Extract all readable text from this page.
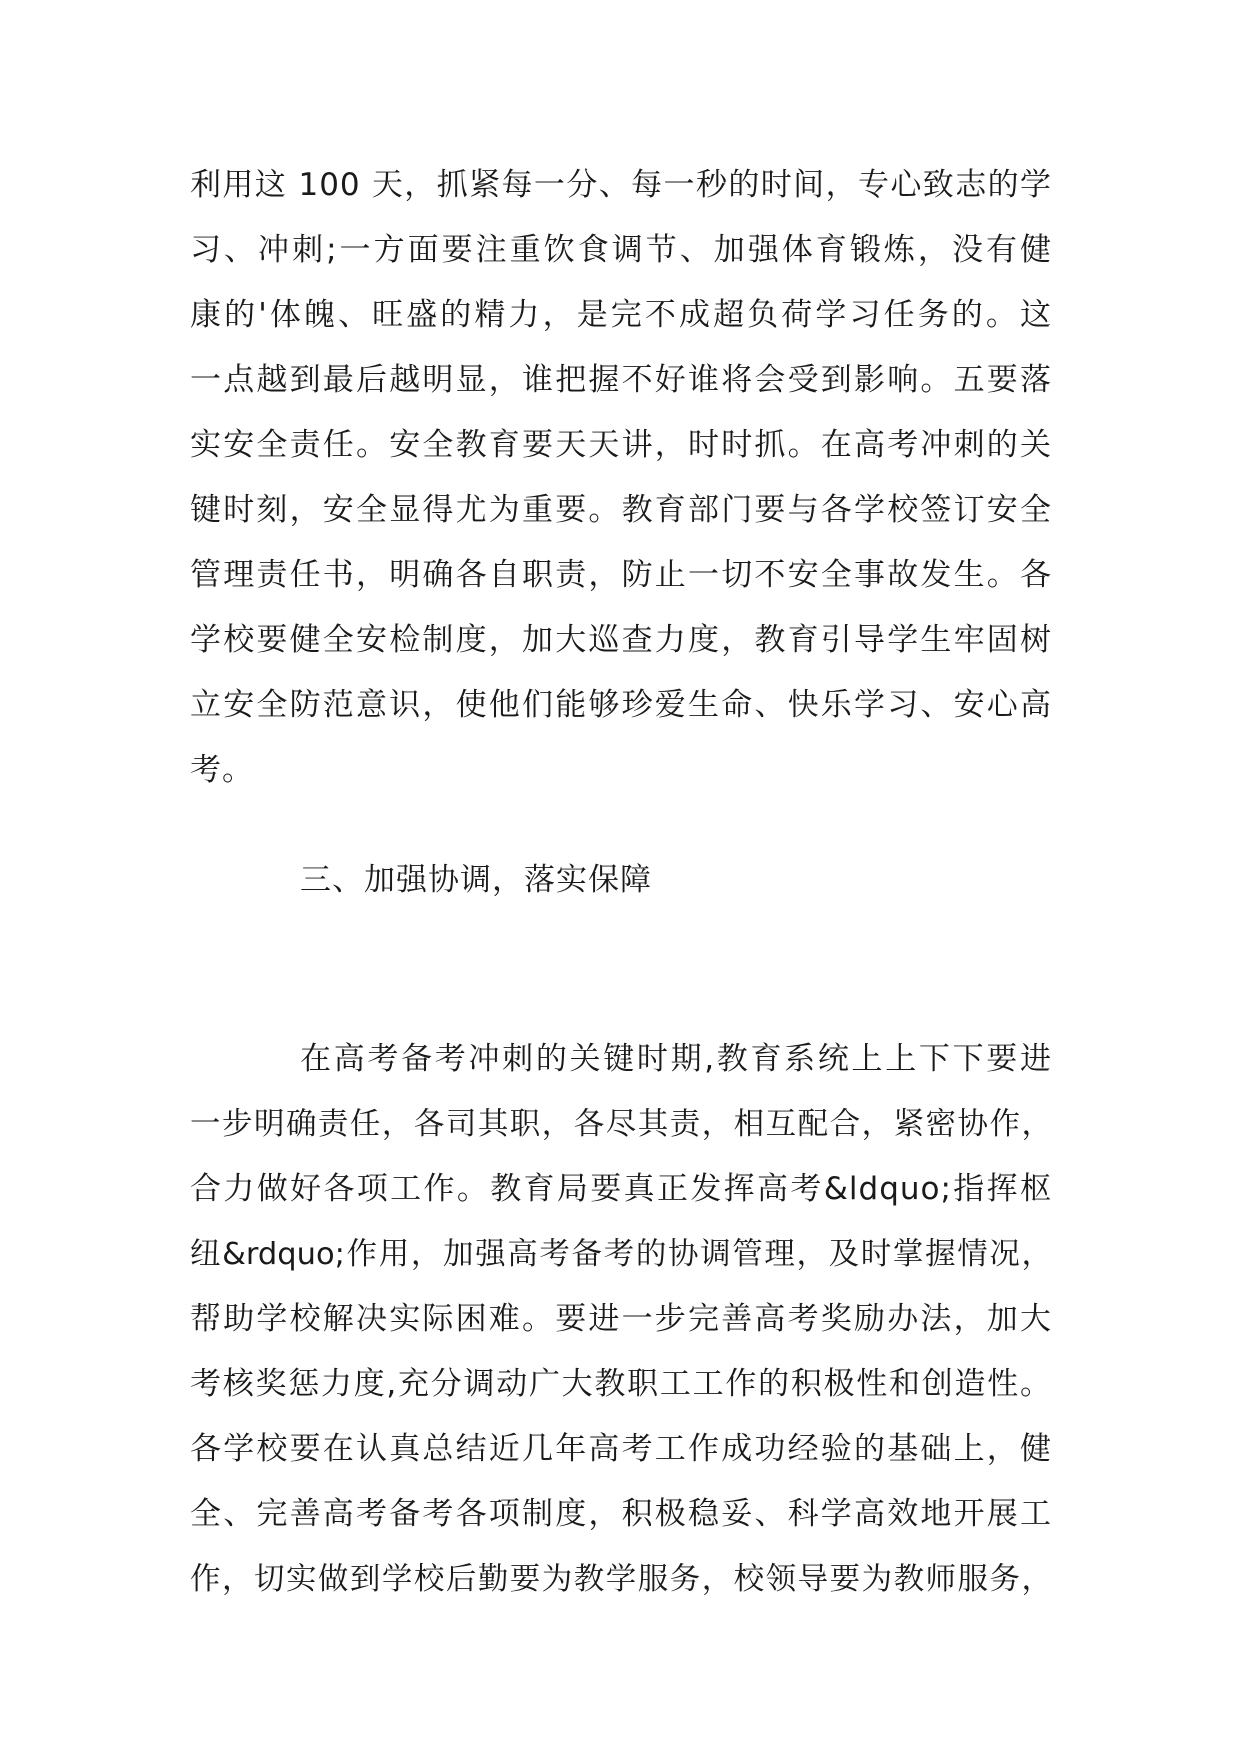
利用这 100 天，抓紧每一分、每一秒的时间，专心致志的学
习、冲刺;一方面要注重饮食调节、加强体育锻炼，没有健
康的'体魄、旺盛的精力，是完不成超负荷学习任务的。这
一点越到最后越明显，谁把握不好谁将会受到影响。五要落
实安全责任。安全教育要天天讲，时时抓。在高考冲刺的关
键时刻，安全显得尤为重要。教育部门要与各学校签订安全
管理责任书，明确各自职责，防止一切不安全事故发生。各
学校要健全安检制度，加大巡查力度，教育引导学生牢固树
立安全防范意识，使他们能够珍爱生命、快乐学习、安心高
考。
三、加强协调，落实保障
在高考备考冲刺的关键时期,教育系统上上下下要进
一步明确责任，各司其职，各尽其责，相互配合，紧密协作，
合力做好各项工作。教育局要真正发挥高考&ldquo;指挥枢
纽&rdquo;作用，加强高考备考的协调管理，及时掌握情况，
帮助学校解决实际困难。要进一步完善高考奖励办法，加大
考核奖惩力度,充分调动广大教职工工作的积极性和创造性。
各学校要在认真总结近几年高考工作成功经验的基础上，健
全、完善高考备考各项制度，积极稳妥、科学高效地开展工
作，切实做到学校后勤要为教学服务，校领导要为教师服务，
